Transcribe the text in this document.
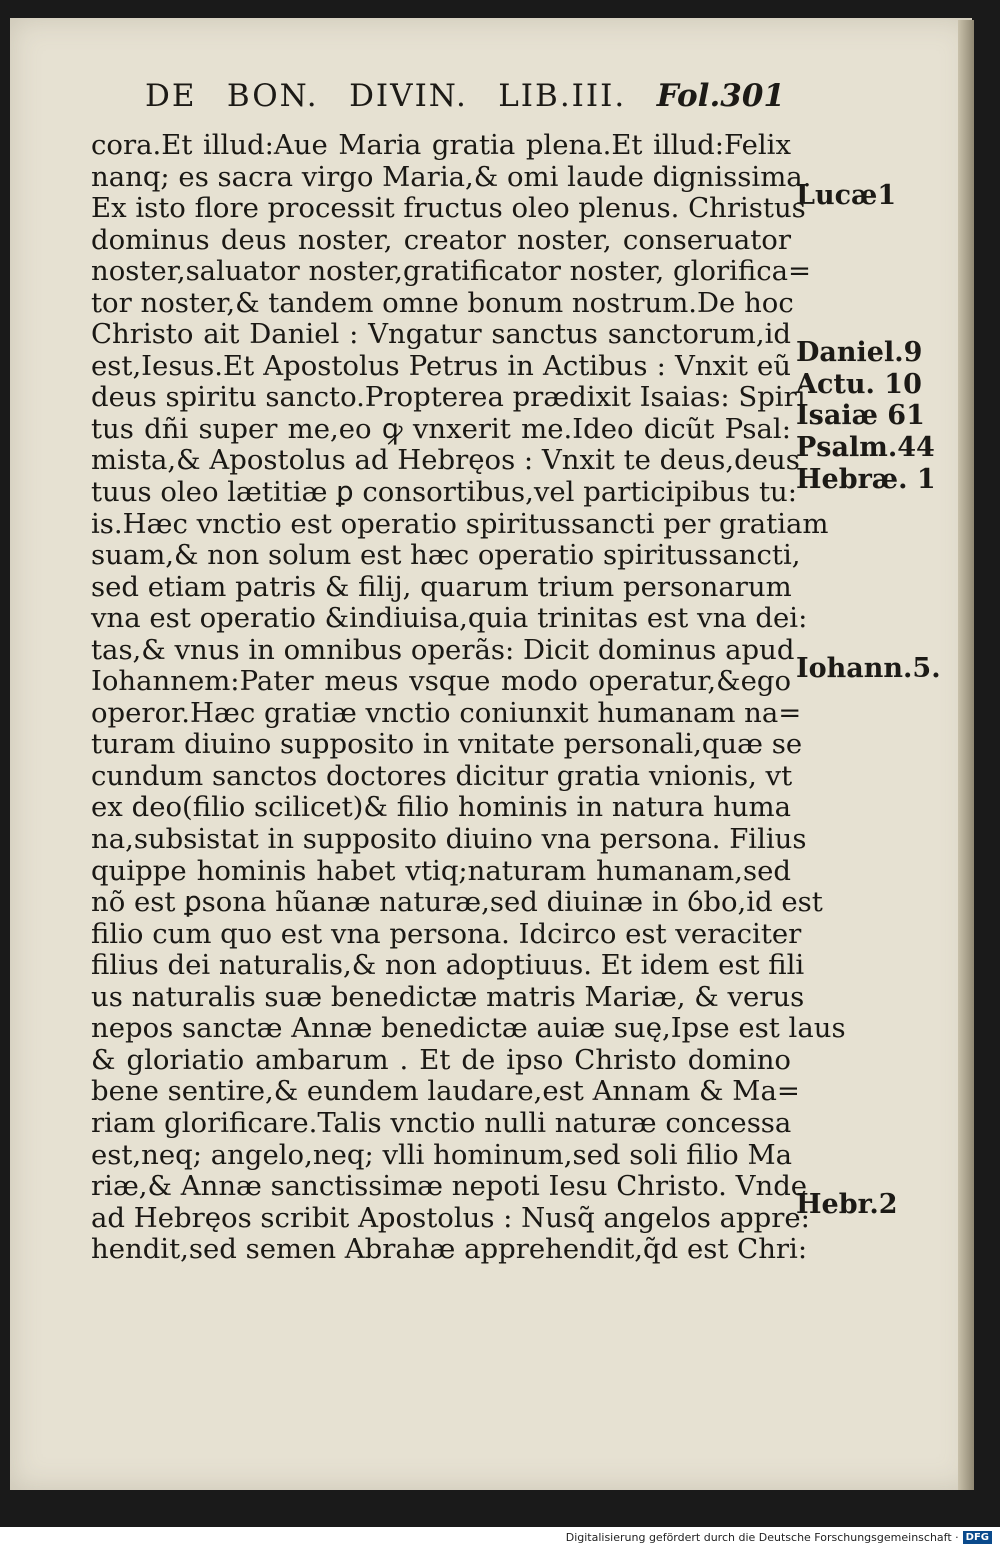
DE BON. DIVIN. LIB.III. Fol.301
cora.Et illud:Aue Maria gratia plena.Et illud:Felix
nanq; es sacra virgo Maria,& omi laude dignissima.
Ex isto flore processit fructus oleo plenus. Christus
dominus deus noster, creator noster, conseruator
noster,saluator noster,gratificator noster, glorifica=
tor noster,& tandem omne bonum nostrum.De hoc
Christo ait Daniel : Vngatur sanctus sanctorum,id
est,Iesus.Et Apostolus Petrus in Actibus : Vnxit eũ
deus spiritu sancto.Propterea prædixit Isaias: Spiri
tus dñi super me,eo ꝙ vnxerit me.Ideo dicũt Psal:
mista,& Apostolus ad Hebręos : Vnxit te deus,deus
tuus oleo lætitiæ ꝑ consortibus,vel participibus tu:
is.Hæc vnctio est operatio spiritussancti per gratiam
suam,& non solum est hæc operatio spiritussancti,
sed etiam patris & filij, quarum trium personarum
vna est operatio &indiuisa,quia trinitas est vna dei:
tas,& vnus in omnibus operãs: Dicit dominus apud
Iohannem:Pater meus vsque modo operatur,&ego
operor.Hæc gratiæ vnctio coniunxit humanam na=
turam diuino supposito in vnitate personali,quæ se
cundum sanctos doctores dicitur gratia vnionis, vt
ex deo(filio scilicet)& filio hominis in natura huma
na,subsistat in supposito diuino vna persona. Filius
quippe hominis habet vtiq;naturam humanam,sed
nõ est ꝑsona hũanæ naturæ,sed diuinæ in ỽbo,id est
filio cum quo est vna persona. Idcirco est veraciter
filius dei naturalis,& non adoptiuus. Et idem est fili
us naturalis suæ benedictæ matris Mariæ, & verus
nepos sanctæ Annæ benedictæ auiæ suę,Ipse est laus
& gloriatio ambarum . Et de ipso Christo domino
bene sentire,& eundem laudare,est Annam & Ma=
riam glorificare.Talis vnctio nulli naturæ concessa
est,neq; angelo,neq; vlli hominum,sed soli filio Ma
riæ,& Annæ sanctissimæ nepoti Iesu Christo. Vnde
ad Hebręos scribit Apostolus : Nusq̃ angelos appre:
hendit,sed semen Abrahæ apprehendit,q̃d est Chri:
Lucæ1
Daniel.9
Actu. 10
Isaiæ 61
Psalm.44
Hebræ. 1
Iohann.5.
Hebr.2
Digitalisierung gefördert durch die Deutsche Forschungsgemeinschaft · DFG
